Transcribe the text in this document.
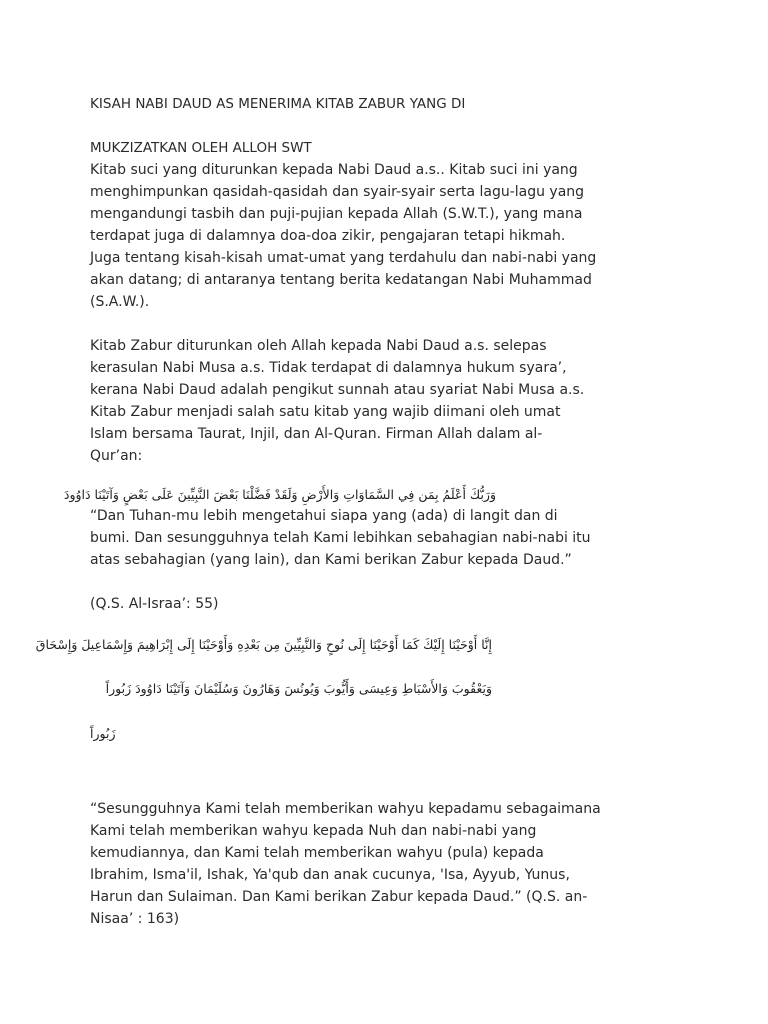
KISAH NABI DAUD AS MENERIMA KITAB ZABUR YANG DI
MUKZIZATKAN OLEH ALLOH SWT
Kitab suci yang diturunkan kepada Nabi Daud a.s.. Kitab suci ini yang
menghimpunkan qasidah-qasidah dan syair-syair serta lagu-lagu yang
mengandungi tasbih dan puji-pujian kepada Allah (S.W.T.), yang mana
terdapat juga di dalamnya doa-doa zikir, pengajaran tetapi hikmah.
Juga tentang kisah-kisah umat-umat yang terdahulu dan nabi-nabi yang
akan datang; di antaranya tentang berita kedatangan Nabi Muhammad
(S.A.W.).
Kitab Zabur diturunkan oleh Allah kepada Nabi Daud a.s. selepas
kerasulan Nabi Musa a.s. Tidak terdapat di dalamnya hukum syara’,
kerana Nabi Daud adalah pengikut sunnah atau syariat Nabi Musa a.s.
Kitab Zabur menjadi salah satu kitab yang wajib diimani oleh umat
Islam bersama Taurat, Injil, dan Al-Quran. Firman Allah dalam al-
Qur’an:
وَرَبُّكَ أَعْلَمُ بِمَن فِي السَّمَاوَاتِ وَالأَرْضِ وَلَقَدْ فَضَّلْنَا بَعْضَ النَّبِيِّينَ عَلَى بَعْضٍ وَآتَيْنَا دَاوُودَ
“Dan Tuhan-mu lebih mengetahui siapa yang (ada) di langit dan di
bumi. Dan sesungguhnya telah Kami lebihkan sebahagian nabi-nabi itu
atas sebahagian (yang lain), dan Kami berikan Zabur kepada Daud.”
(Q.S. Al-Israa’: 55)
إِنَّا أَوْحَيْنَا إِلَيْكَ كَمَا أَوْحَيْنَا إِلَى نُوحٍ وَالنَّبِيِّينَ مِن بَعْدِهِ وَأَوْحَيْنَا إِلَى إِبْرَاهِيمَ وَإِسْمَاعِيلَ وَإِسْحَاقَ
وَيَعْقُوبَ وَالأَسْبَاطِ وَعِيسَى وَأَيُّوبَ وَيُونُسَ وَهَارُونَ وَسُلَيْمَانَ وَآتَيْنَا دَاوُودَ زَبُوراً
زَبُوراً
“Sesungguhnya Kami telah memberikan wahyu kepadamu sebagaimana
Kami telah memberikan wahyu kepada Nuh dan nabi-nabi yang
kemudiannya, dan Kami telah memberikan wahyu (pula) kepada
Ibrahim, Isma'il, Ishak, Ya'qub dan anak cucunya, 'Isa, Ayyub, Yunus,
Harun dan Sulaiman. Dan Kami berikan Zabur kepada Daud.” (Q.S. an-
Nisaa’ : 163)
